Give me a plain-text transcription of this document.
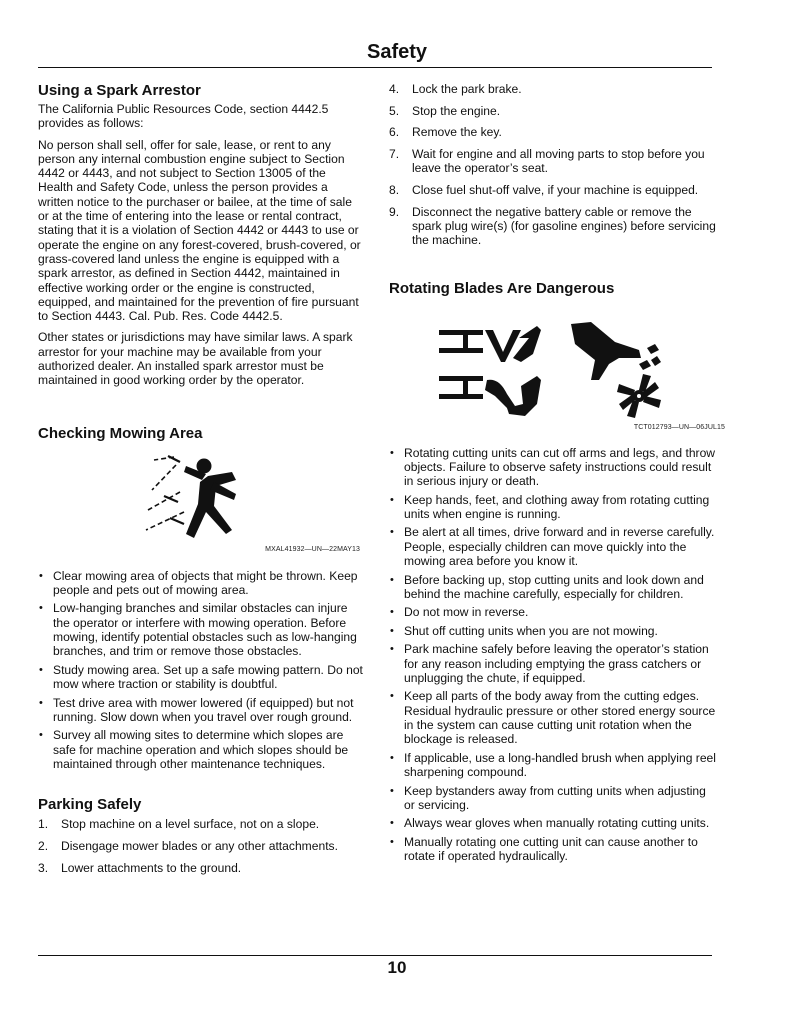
Safety
Using a Spark Arrestor

The California Public Resources Code, section 4442.5 provides as follows:

No person shall sell, offer for sale, lease, or rent to any person any internal combustion engine subject to Section 4442 or 4443, and not subject to Section 13005 of the Health and Safety Code, unless the person provides a written notice to the purchaser or bailee, at the time of sale or at the time of entering into the lease or rental contract, stating that it is a violation of Section 4442 or 4443 to use or operate the engine on any forest-covered, brush-covered, or grass-covered land unless the engine is equipped with a spark arrestor, as defined in Section 4442, maintained in effective working order or the engine is constructed, equipped, and maintained for the prevention of fire pursuant to Section 4443. Cal. Pub. Res. Code 4442.5.

Other states or jurisdictions may have similar laws. A spark arrestor for your machine may be available from your authorized dealer. An installed spark arrestor must be maintained in good working order by the operator.

Checking Mowing Area
MXAL41932—UN—22MAY13
• Clear mowing area of objects that might be thrown. Keep people and pets out of mowing area.
• Low-hanging branches and similar obstacles can injure the operator or interfere with mowing operation. Before mowing, identify potential obstacles such as low-hanging branches, and trim or remove those obstacles.
• Study mowing area. Set up a safe mowing pattern. Do not mow where traction or stability is doubtful.
• Test drive area with mower lowered (if equipped) but not running. Slow down when you travel over rough ground.
• Survey all mowing sites to determine which slopes are safe for machine operation and which slopes should be maintained through other maintenance techniques.
Parking Safely
1. Stop machine on a level surface, not on a slope.
2. Disengage mower blades or any other attachments.
3. Lower attachments to the ground.
4. Lock the park brake.
5. Stop the engine.
6. Remove the key.
7. Wait for engine and all moving parts to stop before you leave the operator’s seat.
8. Close fuel shut-off valve, if your machine is equipped.
9. Disconnect the negative battery cable or remove the spark plug wire(s) (for gasoline engines) before servicing the machine.
Rotating Blades Are Dangerous
TCT012793—UN—06JUL15
• Rotating cutting units can cut off arms and legs, and throw objects. Failure to observe safety instructions could result in serious injury or death.
• Keep hands, feet, and clothing away from rotating cutting units when engine is running.
• Be alert at all times, drive forward and in reverse carefully. People, especially children can move quickly into the mowing area before you know it.
• Before backing up, stop cutting units and look down and behind the machine carefully, especially for children.
• Do not mow in reverse.
• Shut off cutting units when you are not mowing.
• Park machine safely before leaving the operator’s station for any reason including emptying the grass catchers or unplugging the chute, if equipped.
• Keep all parts of the body away from the cutting edges. Residual hydraulic pressure or other stored energy source in the system can cause cutting unit rotation when the blockage is released.
• If applicable, use a long-handled brush when applying reel sharpening compound.
• Keep bystanders away from cutting units when adjusting or servicing.
• Always wear gloves when manually rotating cutting units.
• Manually rotating one cutting unit can cause another to rotate if operated hydraulically.
10
